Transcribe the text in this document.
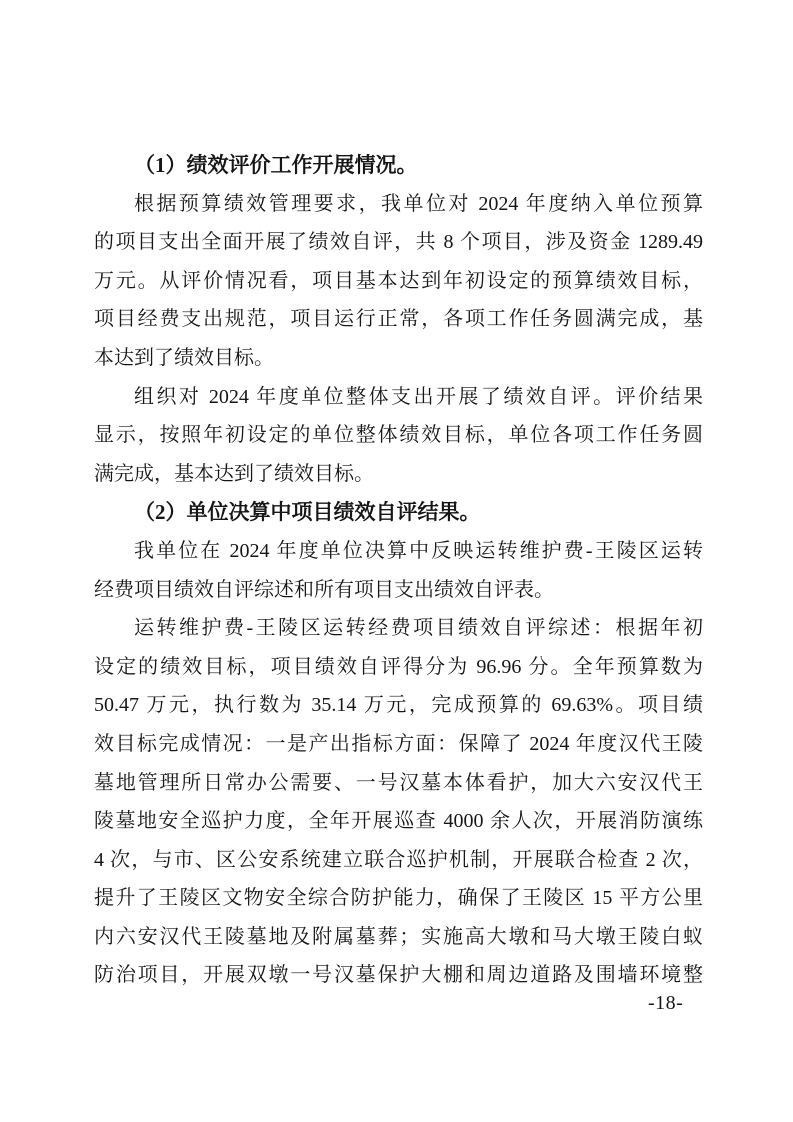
（1）绩效评价工作开展情况。
根据预算绩效管理要求，我单位对 2024 年度纳入单位预算
的项目支出全面开展了绩效自评，共 8 个项目，涉及资金 1289.49
万元。从评价情况看，项目基本达到年初设定的预算绩效目标，
项目经费支出规范，项目运行正常，各项工作任务圆满完成，基
本达到了绩效目标。
组织对 2024 年度单位整体支出开展了绩效自评。评价结果
显示，按照年初设定的单位整体绩效目标，单位各项工作任务圆
满完成，基本达到了绩效目标。
（2）单位决算中项目绩效自评结果。
我单位在 2024 年度单位决算中反映运转维护费-王陵区运转
经费项目绩效自评综述和所有项目支出绩效自评表。
运转维护费-王陵区运转经费项目绩效自评综述：根据年初
设定的绩效目标，项目绩效自评得分为 96.96 分。全年预算数为
50.47 万元，执行数为 35.14 万元，完成预算的 69.63%。项目绩
效目标完成情况：一是产出指标方面：保障了 2024 年度汉代王陵
墓地管理所日常办公需要、一号汉墓本体看护，加大六安汉代王
陵墓地安全巡护力度，全年开展巡查 4000 余人次，开展消防演练
4 次，与市、区公安系统建立联合巡护机制，开展联合检查 2 次，
提升了王陵区文物安全综合防护能力，确保了王陵区 15 平方公里
内六安汉代王陵墓地及附属墓葬；实施高大墩和马大墩王陵白蚁
防治项目，开展双墩一号汉墓保护大棚和周边道路及围墙环境整
-18-
